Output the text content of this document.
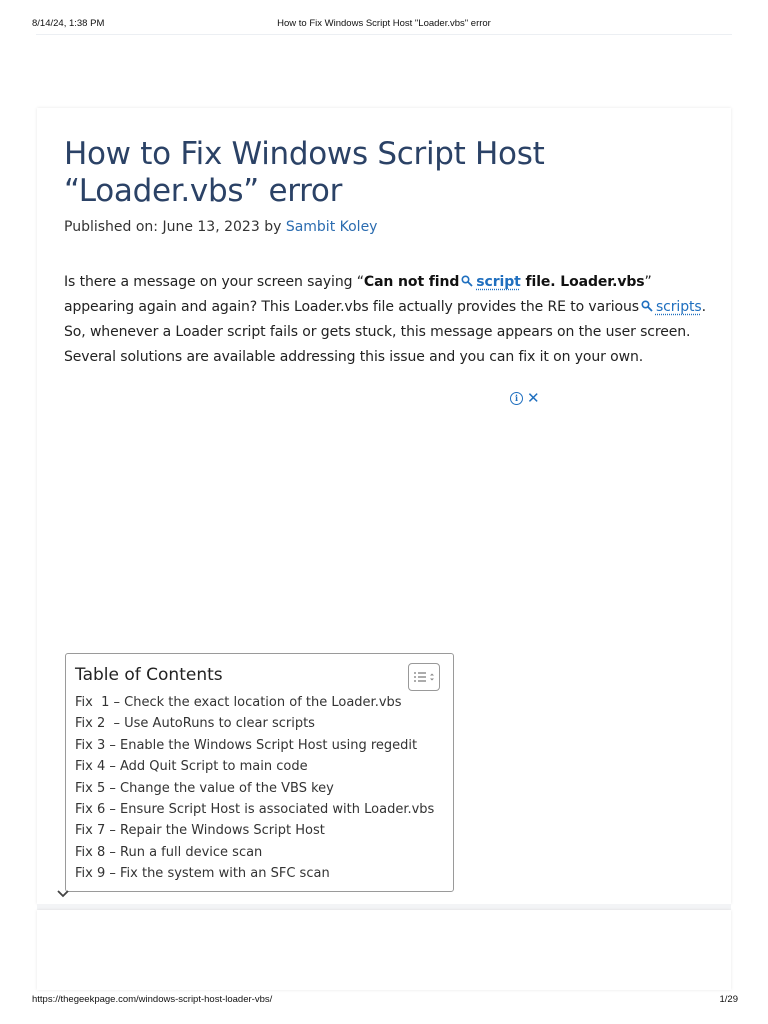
8/14/24, 1:38 PM	How to Fix Windows Script Host "Loader.vbs" error
How to Fix Windows Script Host “Loader.vbs” error
Published on: June 13, 2023 by Sambit Koley

Is there a message on your screen saying “Can not find script file. Loader.vbs” appearing again and again? This Loader.vbs file actually provides the RE to various scripts. So, whenever a Loader script fails or gets stuck, this message appears on the user screen. Several solutions are available addressing this issue and you can fix it on your own.

i ✕
Table of Contents
Fix  1 – Check the exact location of the Loader.vbs
Fix 2  – Use AutoRuns to clear scripts
Fix 3 – Enable the Windows Script Host using regedit
Fix 4 – Add Quit Script to main code
Fix 5 – Change the value of the VBS key
Fix 6 – Ensure Script Host is associated with Loader.vbs
Fix 7 – Repair the Windows Script Host
Fix 8 – Run a full device scan
Fix 9 – Fix the system with an SFC scan
https://thegeekpage.com/windows-script-host-loader-vbs/	1/29
